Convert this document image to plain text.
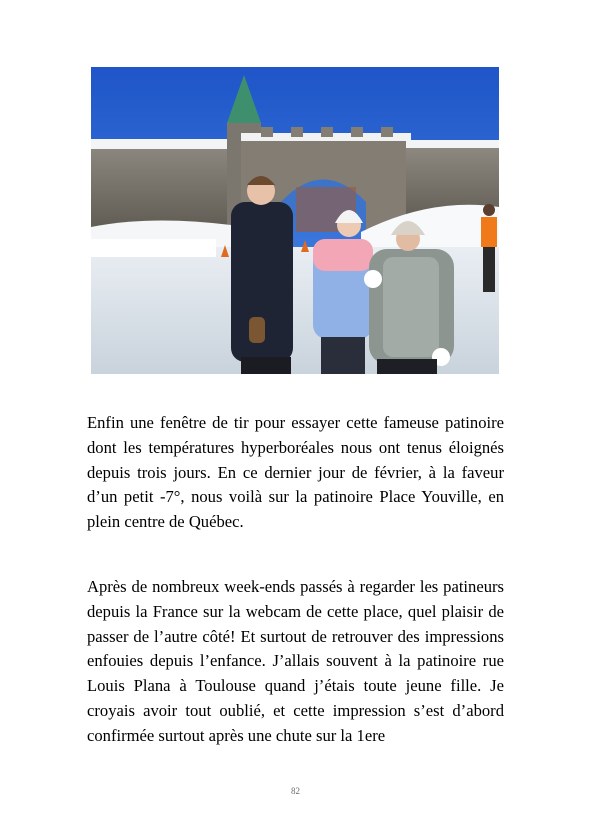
Enfin une fenêtre de tir pour essayer cette fameuse patinoire dont les températures hyperboréales nous ont tenus éloignés depuis trois jours. En ce dernier jour de février, à la faveur d’un petit -7°, nous voilà sur la patinoire Place Youville, en plein centre de Québec.

Après de nombreux week-ends passés à regarder les patineurs depuis la France sur la webcam de cette place, quel plaisir de passer de l’autre côté! Et surtout de retrouver des impressions enfouies depuis l’enfance. J’allais souvent à la patinoire rue Louis Plana à Toulouse quand j’étais toute jeune fille. Je croyais avoir tout oublié, et cette impression s’est d’abord confirmée surtout après une chute sur la 1ere

82
